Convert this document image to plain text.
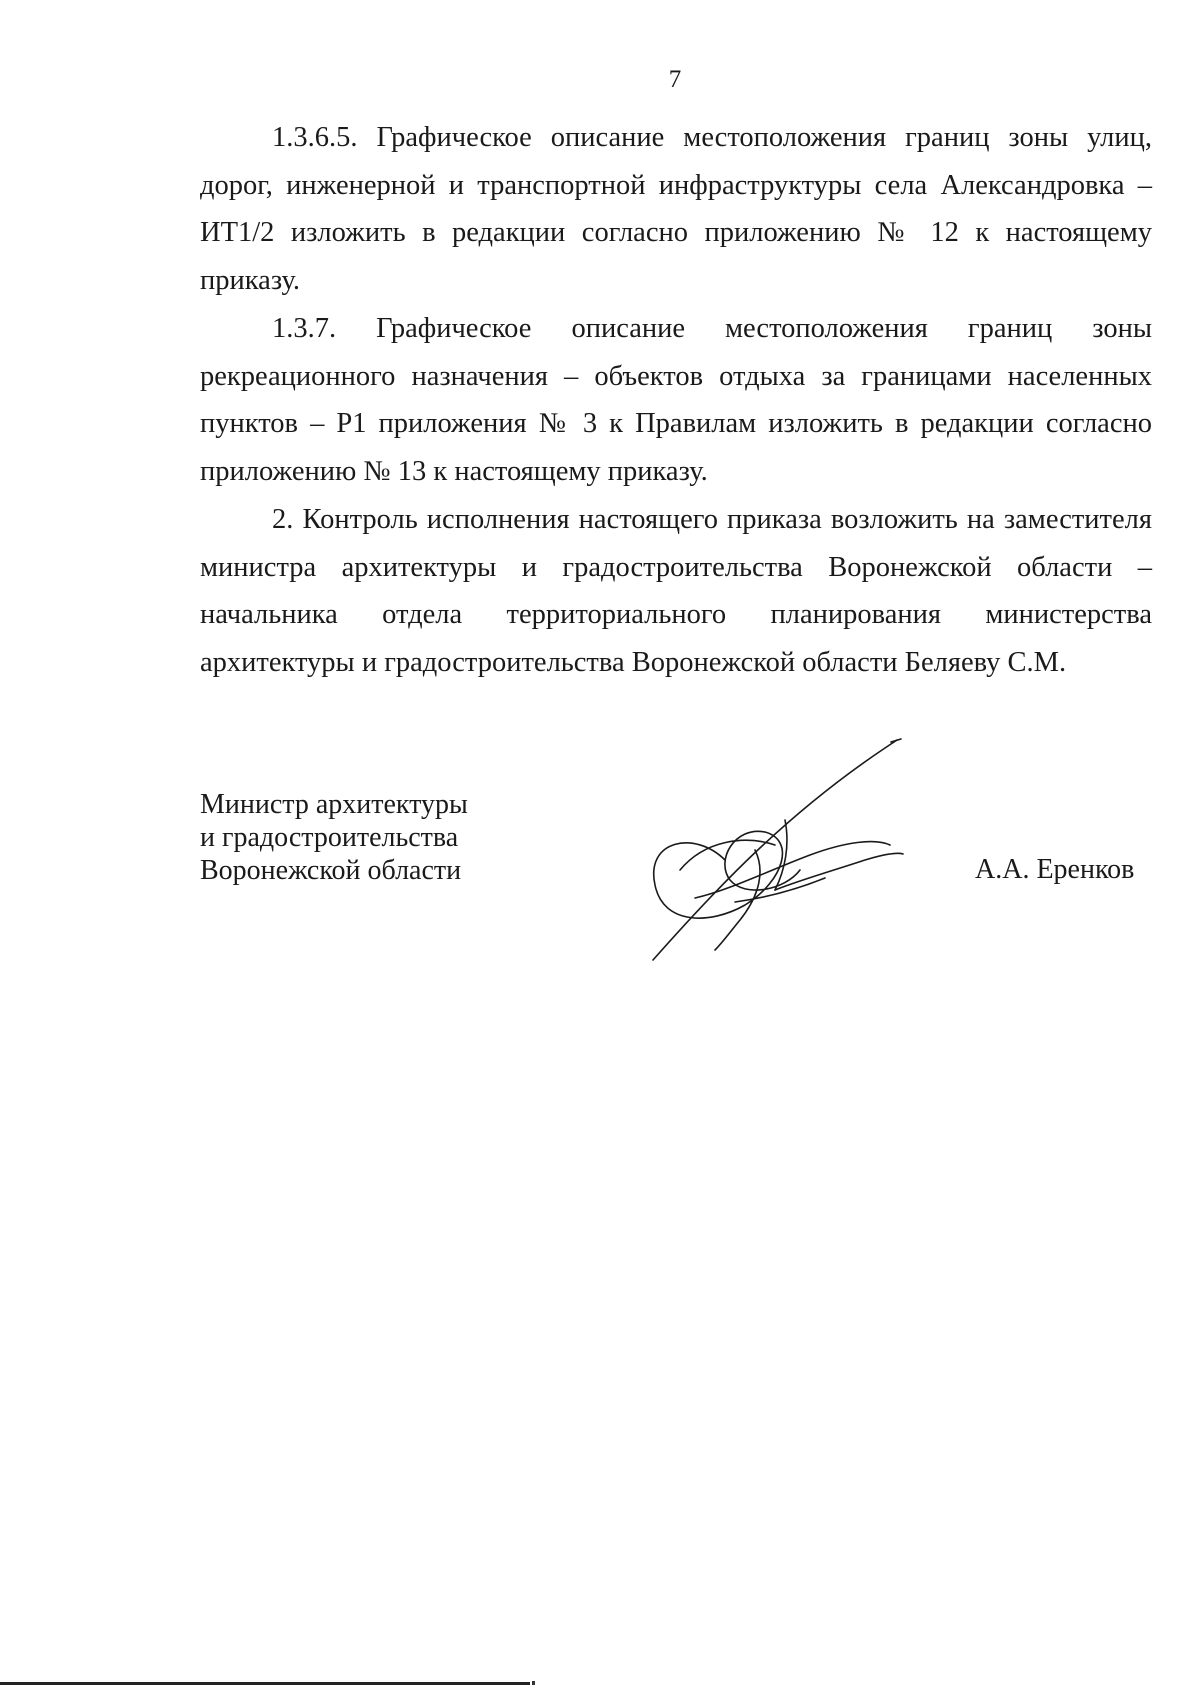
7

1.3.6.5. Графическое описание местоположения границ зоны улиц, дорог, инженерной и транспортной инфраструктуры села Александровка – ИТ1/2 изложить в редакции согласно приложению № 12 к настоящему приказу.

1.3.7. Графическое описание местоположения границ зоны рекреационного назначения – объектов отдыха за границами населенных пунктов – Р1 приложения № 3 к Правилам изложить в редакции согласно приложению № 13 к настоящему приказу.

2. Контроль исполнения настоящего приказа возложить на заместителя министра архитектуры и градостроительства Воронежской области – начальника отдела территориального планирования министерства архитектуры и градостроительства Воронежской области Беляеву С.М.

Министр архитектуры
и градостроительства
Воронежской области	А.А. Еренков
